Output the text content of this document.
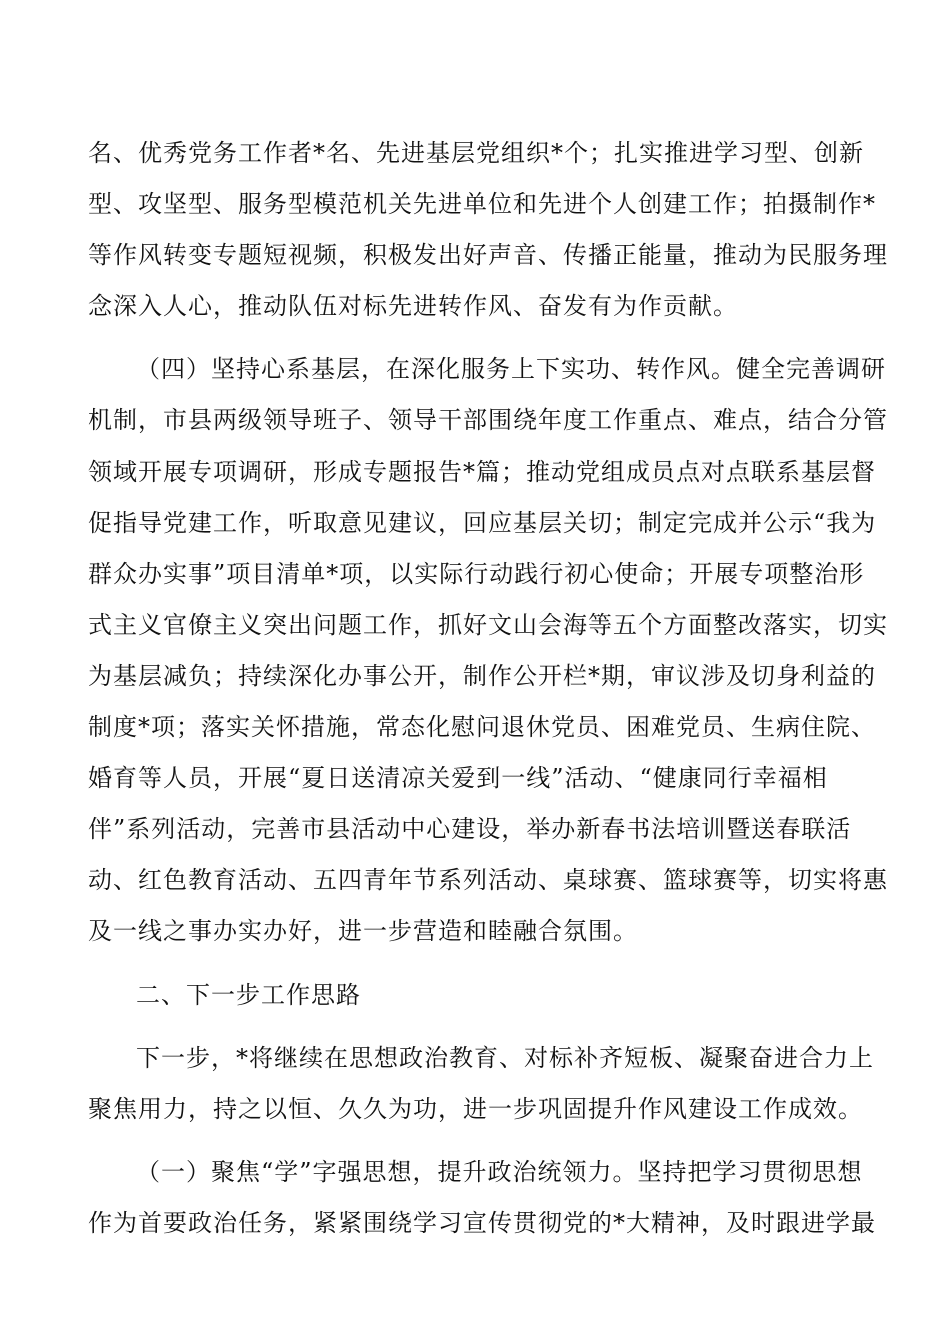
名、优秀党务工作者*名、先进基层党组织*个；扎实推进学习型、创新
型、攻坚型、服务型模范机关先进单位和先进个人创建工作；拍摄制作*
等作风转变专题短视频，积极发出好声音、传播正能量，推动为民服务理
念深入人心，推动队伍对标先进转作风、奋发有为作贡献。
（四）坚持心系基层，在深化服务上下实功、转作风。健全完善调研
机制，市县两级领导班子、领导干部围绕年度工作重点、难点，结合分管
领域开展专项调研，形成专题报告*篇；推动党组成员点对点联系基层督
促指导党建工作，听取意见建议，回应基层关切；制定完成并公示“我为
群众办实事”项目清单*项，以实际行动践行初心使命；开展专项整治形
式主义官僚主义突出问题工作，抓好文山会海等五个方面整改落实，切实
为基层减负；持续深化办事公开，制作公开栏*期，审议涉及切身利益的
制度*项；落实关怀措施，常态化慰问退休党员、困难党员、生病住院、
婚育等人员，开展“夏日送清凉关爱到一线”活动、“健康同行幸福相
伴”系列活动，完善市县活动中心建设，举办新春书法培训暨送春联活
动、红色教育活动、五四青年节系列活动、桌球赛、篮球赛等，切实将惠
及一线之事办实办好，进一步营造和睦融合氛围。
二、下一步工作思路
下一步，*将继续在思想政治教育、对标补齐短板、凝聚奋进合力上
聚焦用力，持之以恒、久久为功，进一步巩固提升作风建设工作成效。
（一）聚焦“学”字强思想，提升政治统领力。坚持把学习贯彻思想
作为首要政治任务，紧紧围绕学习宣传贯彻党的*大精神，及时跟进学最
